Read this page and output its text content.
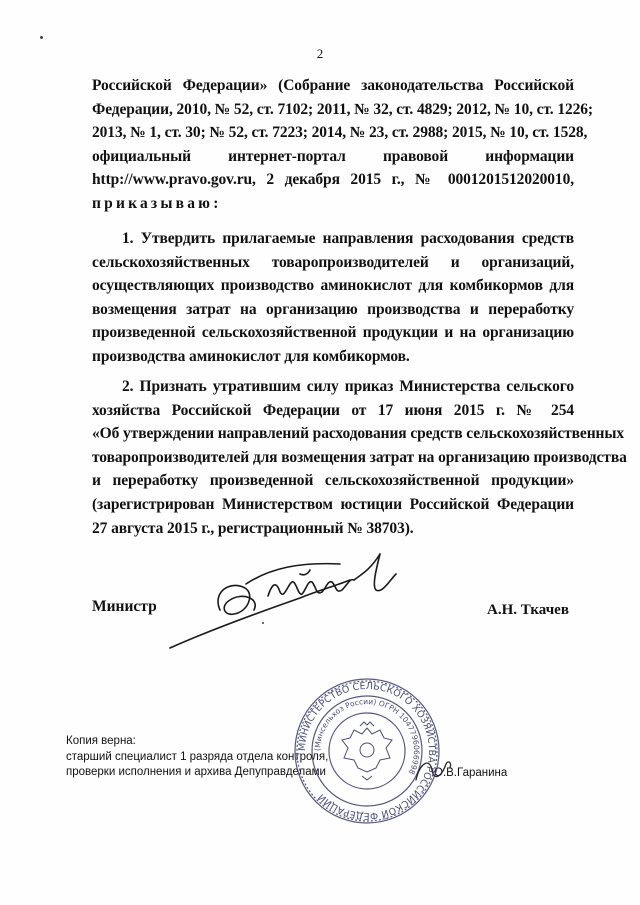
2
Российской Федерации» (Собрание законодательства Российской
Федерации, 2010, № 52, ст. 7102; 2011, № 32, ст. 4829; 2012, № 10, ст. 1226;
2013, № 1, ст. 30; № 52, ст. 7223; 2014, № 23, ст. 2988; 2015, № 10, ст. 1528,
официальный интернет-портал правовой информации
http://www.pravo.gov.ru, 2 декабря 2015 г., № 0001201512020010,
приказываю:
1. Утвердить прилагаемые направления расходования средств
сельскохозяйственных товаропроизводителей и организаций,
осуществляющих производство аминокислот для комбикормов для
возмещения затрат на организацию производства и переработку
произведенной сельскохозяйственной продукции и на организацию
производства аминокислот для комбикормов.
2. Признать утратившим силу приказ Министерства сельского
хозяйства Российской Федерации от 17 июня 2015 г. № 254
«Об утверждении направлений расходования средств сельскохозяйственных
товаропроизводителей для возмещения затрат на организацию производства
и переработку произведенной сельскохозяйственной продукции»
(зарегистрирован Министерством юстиции Российской Федерации
27 августа 2015 г., регистрационный № 38703).
Министр	А.Н. Ткачев
Копия верна:
старший специалист 1 разряда отдела контроля,
проверки исполнения и архива Депуправделами	О.В.Гаранина
МИНИСТЕРСТВО СЕЛЬСКОГО ХОЗЯЙСТВА РОССИЙСКОЙ ФЕДЕРАЦИИ
(Минсельхоз России) ОГРН 1047796066998
